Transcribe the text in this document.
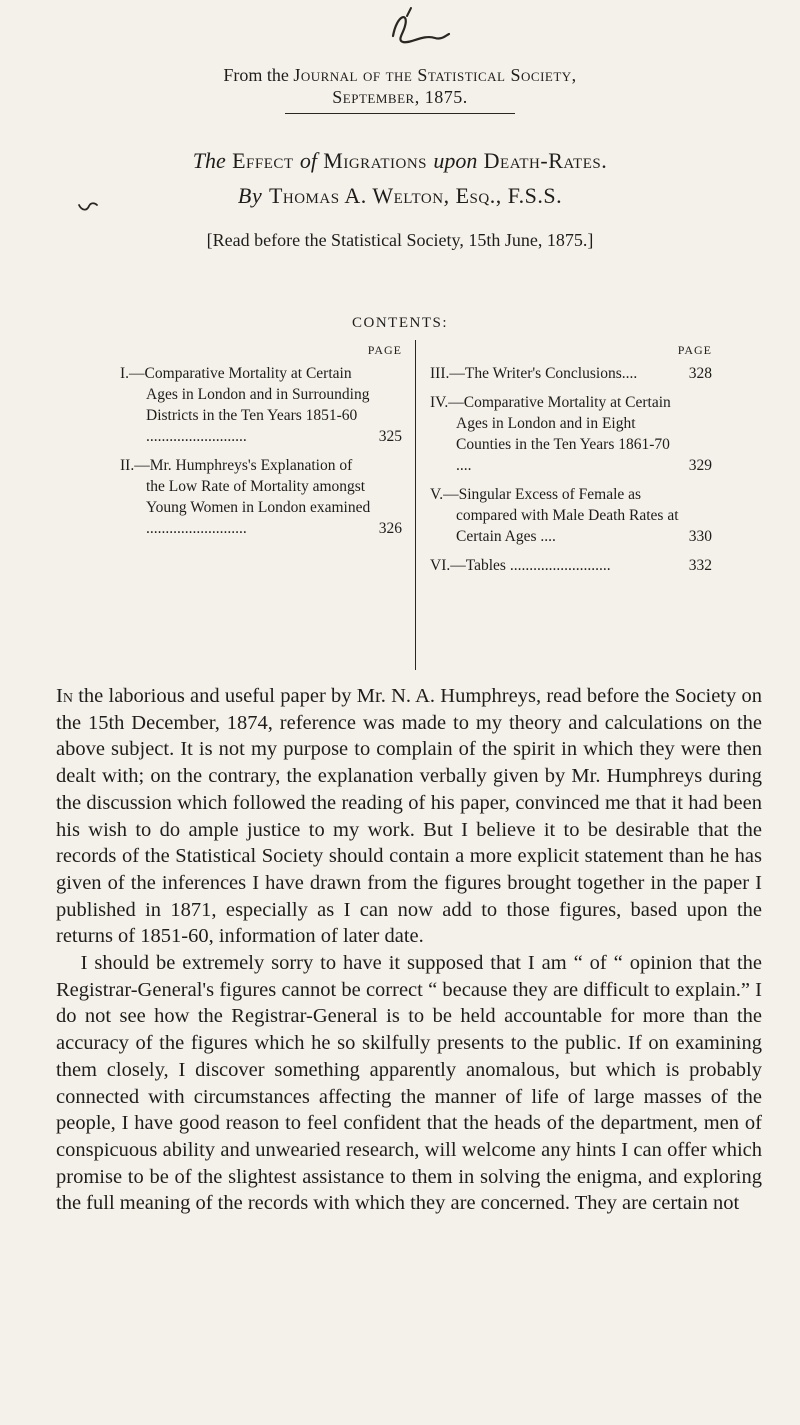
From the Journal of the Statistical Society,
September, 1875.
The Effect of Migrations upon Death-Rates.
By Thomas A. Welton, Esq., F.S.S.
[Read before the Statistical Society, 15th June, 1875.]
CONTENTS:
PAGE
I.—Comparative Mortality at Certain Ages in London and in Surrounding Districts in the Ten Years 1851-60 ..........................	325
II.—Mr. Humphreys's Explanation of the Low Rate of Mortality amongst Young Women in London examined ..........................	326
PAGE
III.—The Writer's Conclusions....	328
IV.—Comparative Mortality at Certain Ages in London and in Eight Counties in the Ten Years 1861-70 ....	329
V.—Singular Excess of Female as compared with Male Death Rates at Certain Ages ....	330
VI.—Tables ..........................	332

In the laborious and useful paper by Mr. N. A. Humphreys, read before the Society on the 15th December, 1874, reference was made to my theory and calculations on the above subject. It is not my purpose to complain of the spirit in which they were then dealt with; on the contrary, the explanation verbally given by Mr. Humphreys during the discussion which followed the reading of his paper, convinced me that it had been his wish to do ample justice to my work. But I believe it to be desirable that the records of the Statistical Society should contain a more explicit statement than he has given of the inferences I have drawn from the figures brought together in the paper I published in 1871, especially as I can now add to those figures, based upon the returns of 1851-60, information of later date.

I should be extremely sorry to have it supposed that I am “ of “ opinion that the Registrar-General's figures cannot be correct “ because they are difficult to explain.” I do not see how the Registrar-General is to be held accountable for more than the accuracy of the figures which he so skilfully presents to the public. If on examining them closely, I discover something apparently anomalous, but which is probably connected with circumstances affecting the manner of life of large masses of the people, I have good reason to feel confident that the heads of the department, men of conspicuous ability and unwearied research, will welcome any hints I can offer which promise to be of the slightest assistance to them in solving the enigma, and exploring the full meaning of the records with which they are concerned. They are certain not
